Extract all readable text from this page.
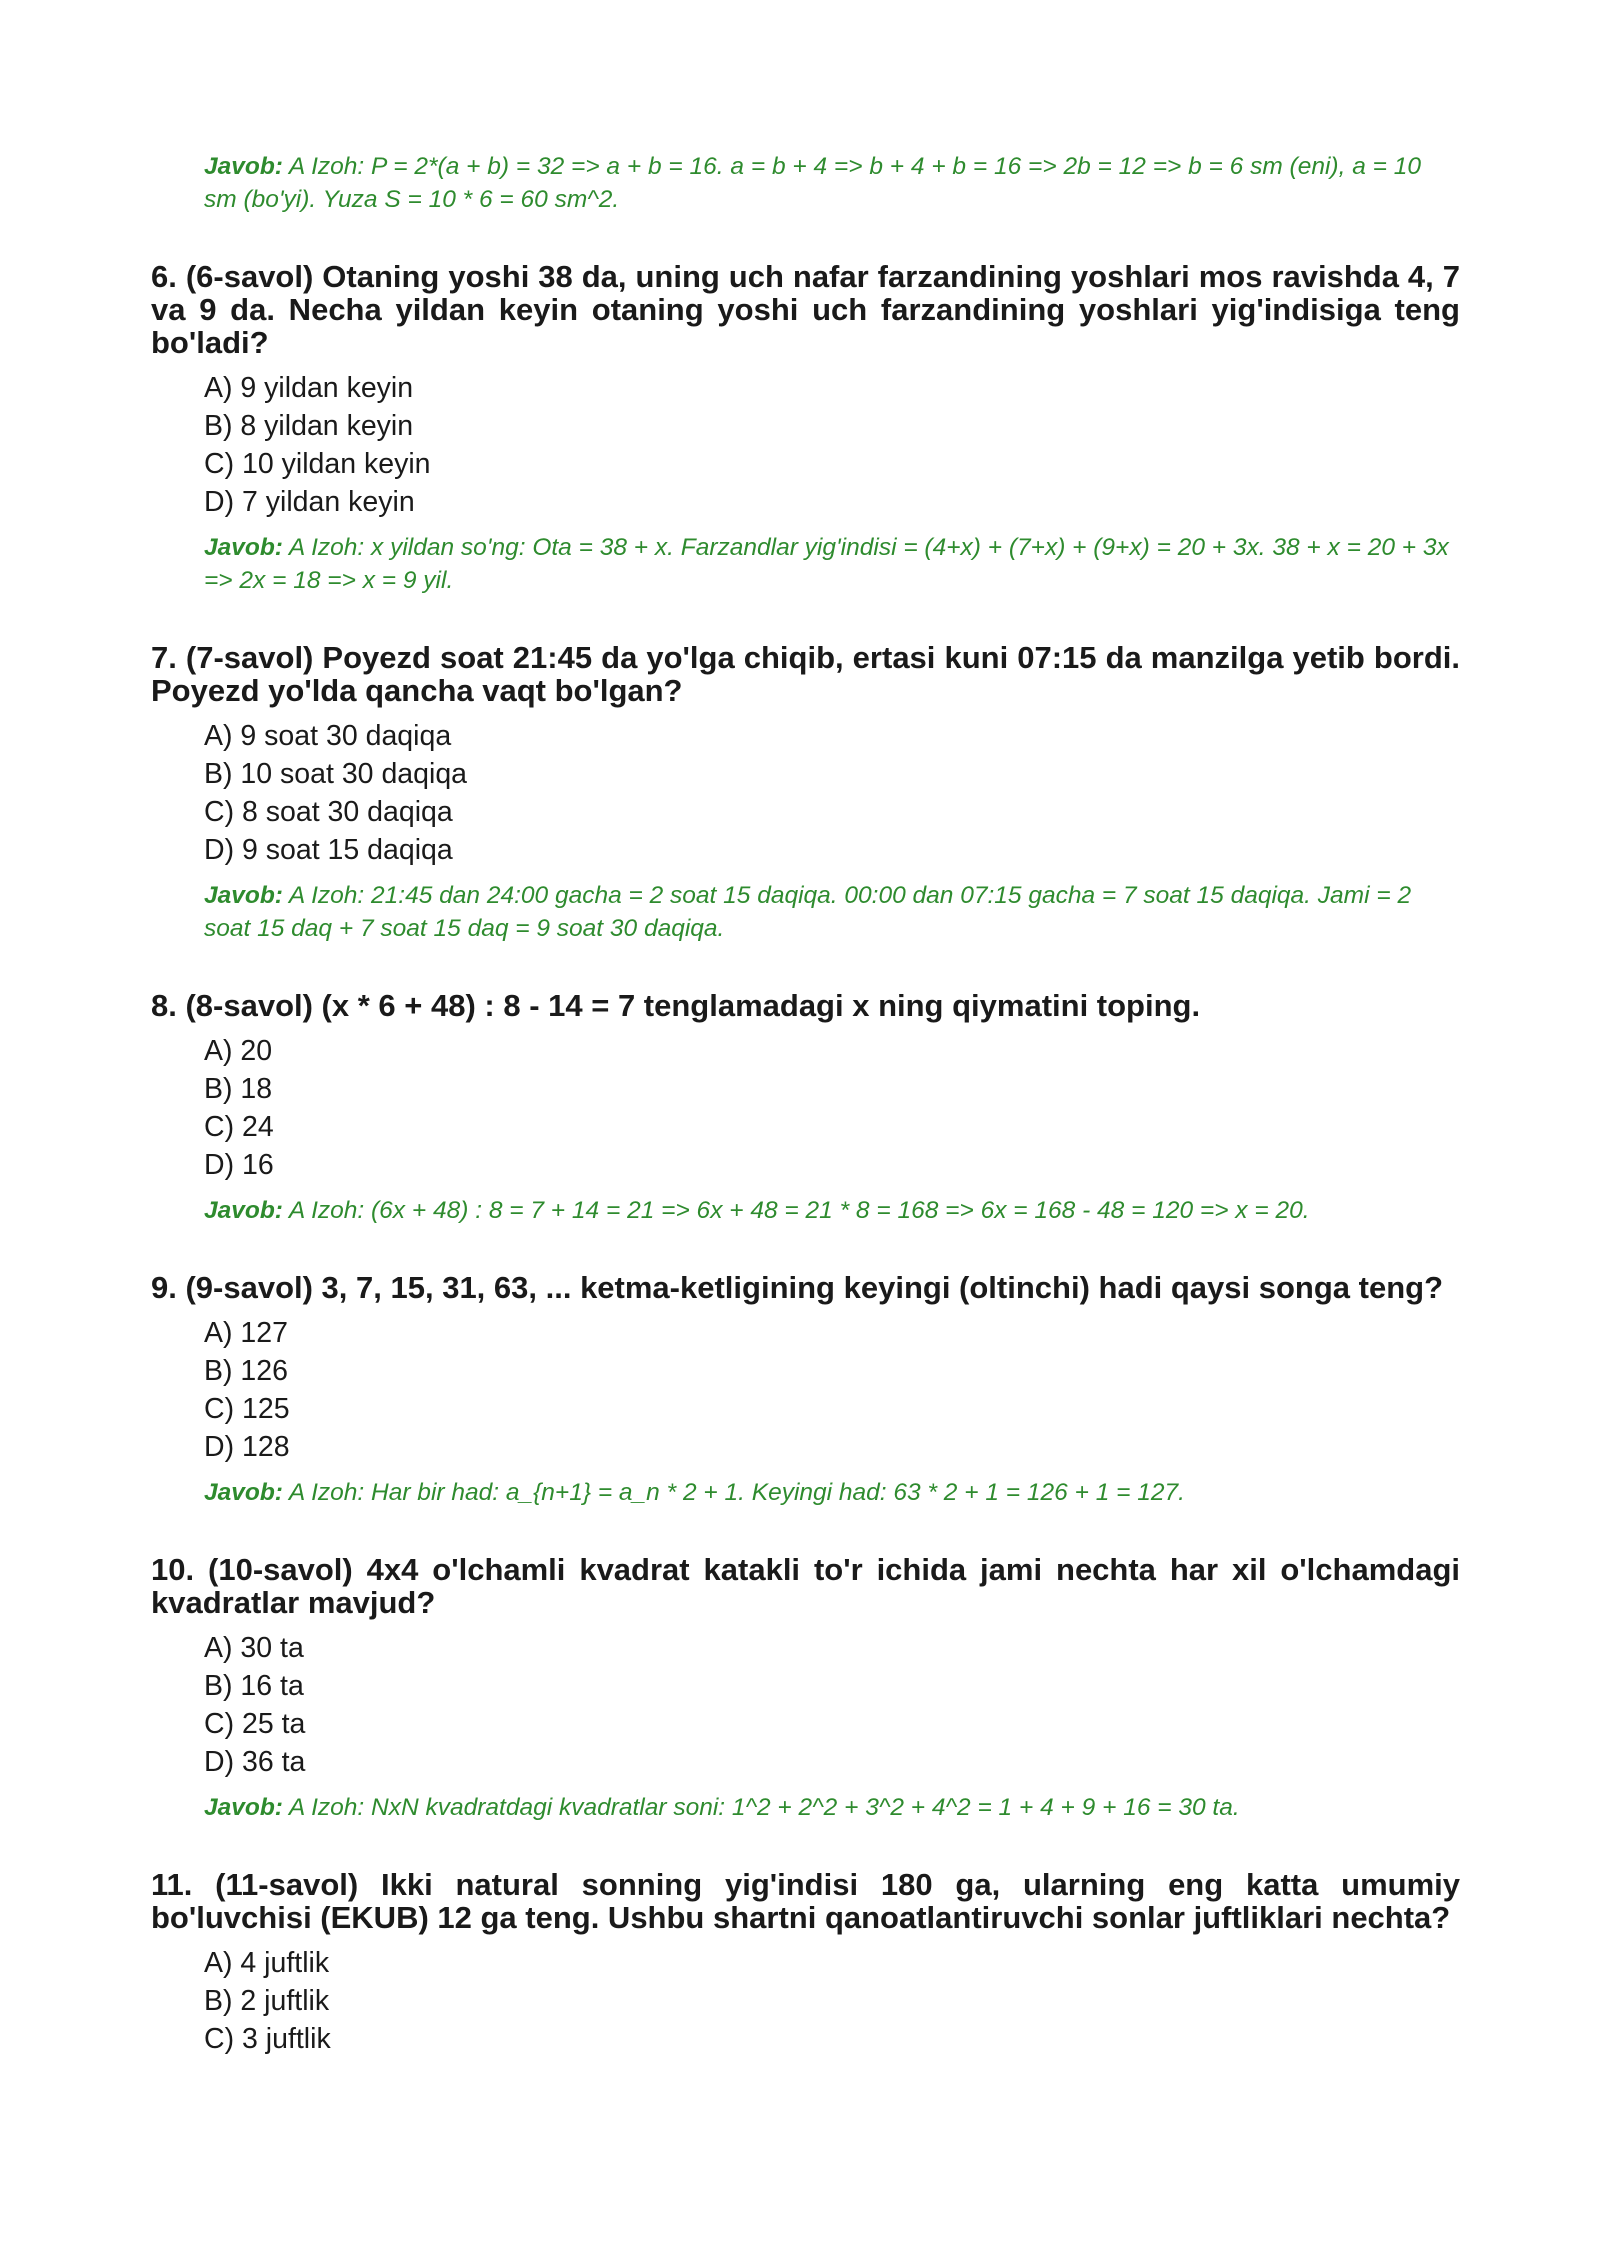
Javob: A Izoh: P = 2*(a + b) = 32 => a + b = 16. a = b + 4 => b + 4 + b = 16 => 2b = 12 => b = 6 sm (eni), a = 10 sm (bo'yi). Yuza S = 10 * 6 = 60 sm^2.

6. (6-savol) Otaning yoshi 38 da, uning uch nafar farzandining yoshlari mos ravishda 4, 7 va 9 da. Necha yildan keyin otaning yoshi uch farzandining yoshlari yig'indisiga teng bo'ladi?

A) 9 yildan keyin
B) 8 yildan keyin
C) 10 yildan keyin
D) 7 yildan keyin

Javob: A Izoh: x yildan so'ng: Ota = 38 + x. Farzandlar yig'indisi = (4+x) + (7+x) + (9+x) = 20 + 3x. 38 + x = 20 + 3x => 2x = 18 => x = 9 yil.

7. (7-savol) Poyezd soat 21:45 da yo'lga chiqib, ertasi kuni 07:15 da manzilga yetib bordi. Poyezd yo'lda qancha vaqt bo'lgan?

A) 9 soat 30 daqiqa
B) 10 soat 30 daqiqa
C) 8 soat 30 daqiqa
D) 9 soat 15 daqiqa

Javob: A Izoh: 21:45 dan 24:00 gacha = 2 soat 15 daqiqa. 00:00 dan 07:15 gacha = 7 soat 15 daqiqa. Jami = 2 soat 15 daq + 7 soat 15 daq = 9 soat 30 daqiqa.

8. (8-savol) (x * 6 + 48) : 8 - 14 = 7 tenglamadagi x ning qiymatini toping.

A) 20
B) 18
C) 24
D) 16

Javob: A Izoh: (6x + 48) : 8 = 7 + 14 = 21 => 6x + 48 = 21 * 8 = 168 => 6x = 168 - 48 = 120 => x = 20.

9. (9-savol) 3, 7, 15, 31, 63, ... ketma-ketligining keyingi (oltinchi) hadi qaysi songa teng?

A) 127
B) 126
C) 125
D) 128

Javob: A Izoh: Har bir had: a_{n+1} = a_n * 2 + 1. Keyingi had: 63 * 2 + 1 = 126 + 1 = 127.

10. (10-savol) 4x4 o'lchamli kvadrat katakli to'r ichida jami nechta har xil o'lchamdagi kvadratlar mavjud?

A) 30 ta
B) 16 ta
C) 25 ta
D) 36 ta

Javob: A Izoh: NxN kvadratdagi kvadratlar soni: 1^2 + 2^2 + 3^2 + 4^2 = 1 + 4 + 9 + 16 = 30 ta.

11. (11-savol) Ikki natural sonning yig'indisi 180 ga, ularning eng katta umumiy bo'luvchisi (EKUB) 12 ga teng. Ushbu shartni qanoatlantiruvchi sonlar juftliklari nechta?

A) 4 juftlik
B) 2 juftlik
C) 3 juftlik
